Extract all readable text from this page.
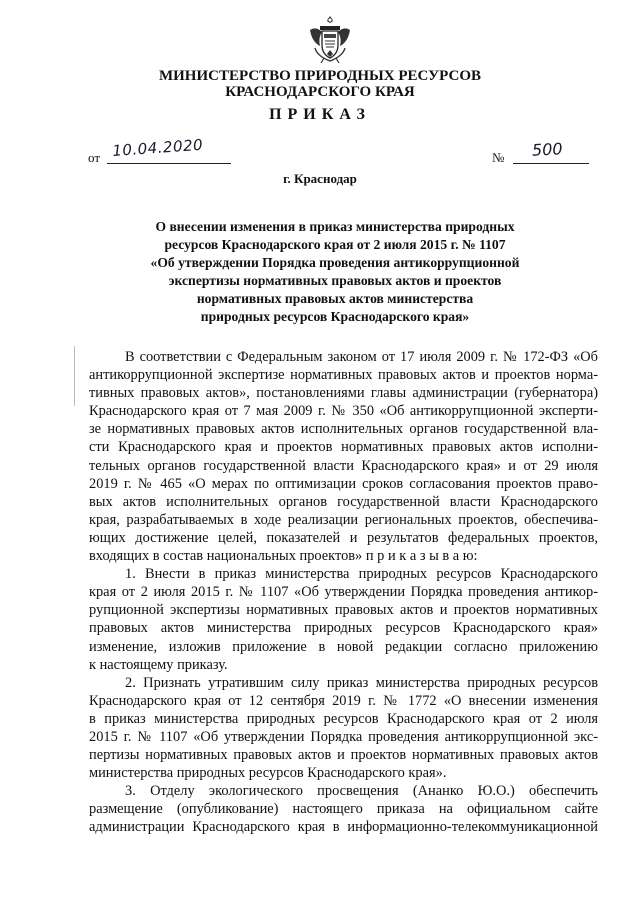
МИНИСТЕРСТВО ПРИРОДНЫХ РЕСУРСОВ
КРАСНОДАРСКОГО КРАЯ
ПРИКАЗ
от 10.04.2020	№ 500
г. Краснодар
О внесении изменения в приказ министерства природных
ресурсов Краснодарского края от 2 июля 2015 г. № 1107
«Об утверждении Порядка проведения антикоррупционной
экспертизы нормативных правовых актов и проектов
нормативных правовых актов министерства
природных ресурсов Краснодарского края»
В соответствии с Федеральным законом от 17 июля 2009 г. № 172-ФЗ «Об
антикоррупционной экспертизе нормативных правовых актов и проектов норма-
тивных правовых актов», постановлениями главы администрации (губернатора)
Краснодарского края от 7 мая 2009 г. № 350 «Об антикоррупционной эксперти-
зе нормативных правовых актов исполнительных органов государственной вла-
сти Краснодарского края и проектов нормативных правовых актов исполни-
тельных органов государственной власти Краснодарского края» и от 29 июля
2019 г. № 465 «О мерах по оптимизации сроков согласования проектов право-
вых актов исполнительных органов государственной власти Краснодарского
края, разрабатываемых в ходе реализации региональных проектов, обеспечива-
ющих достижение целей, показателей и результатов федеральных проектов,
входящих в состав национальных проектов» п р и к а з ы в а ю:
1. Внести в приказ министерства природных ресурсов Краснодарского
края от 2 июля 2015 г. № 1107 «Об утверждении Порядка проведения антикор-
рупционной экспертизы нормативных правовых актов и проектов нормативных
правовых актов министерства природных ресурсов Краснодарского края»
изменение, изложив приложение в новой редакции согласно приложению
к настоящему приказу.
2. Признать утратившим силу приказ министерства природных ресурсов
Краснодарского края от 12 сентября 2019 г. № 1772 «О внесении изменения
в приказ министерства природных ресурсов Краснодарского края от 2 июля
2015 г. № 1107 «Об утверждении Порядка проведения антикоррупционной экс-
пертизы нормативных правовых актов и проектов нормативных правовых актов
министерства природных ресурсов Краснодарского края».
3. Отделу экологического просвещения (Ананко Ю.О.) обеспечить
размещение (опубликование) настоящего приказа на официальном сайте
администрации Краснодарского края в информационно-телекоммуникационной
